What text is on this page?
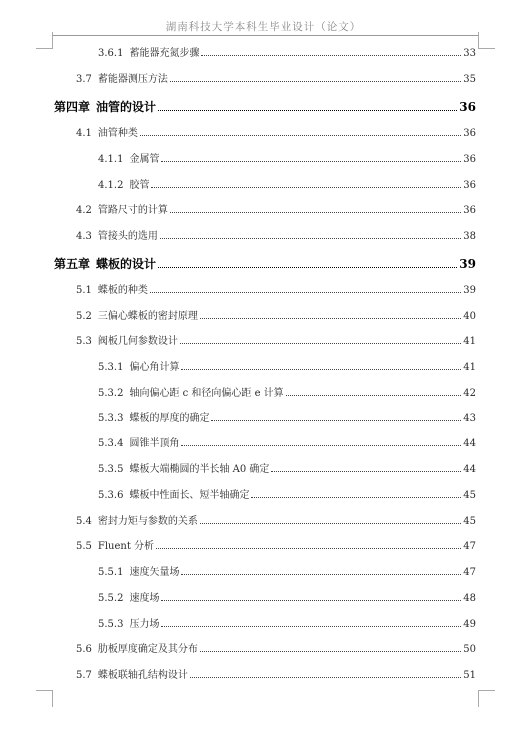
湖南科技大学本科生毕业设计（论文）
3.6.1 蓄能器充氮步骤	33
3.7 蓄能器测压方法	35
第四章 油管的设计	36
4.1 油管种类	36
4.1.1 金属管	36
4.1.2 胶管	36
4.2 管路尺寸的计算	36
4.3 管接头的选用	38
第五章 蝶板的设计	39
5.1 蝶板的种类	39
5.2 三偏心蝶板的密封原理	40
5.3 阀板几何参数设计	41
5.3.1 偏心角计算	41
5.3.2 轴向偏心距 c 和径向偏心距 e 计算	42
5.3.3 蝶板的厚度的确定	43
5.3.4 圆锥半顶角	44
5.3.5 蝶板大端椭圆的半长轴 A0 确定	44
5.3.6 蝶板中性面长、短半轴确定	45
5.4 密封力矩与参数的关系	45
5.5 Fluent 分析	47
5.5.1 速度矢量场	47
5.5.2 速度场	48
5.5.3 压力场	49
5.6 肋板厚度确定及其分布	50
5.7 蝶板联轴孔结构设计	51
